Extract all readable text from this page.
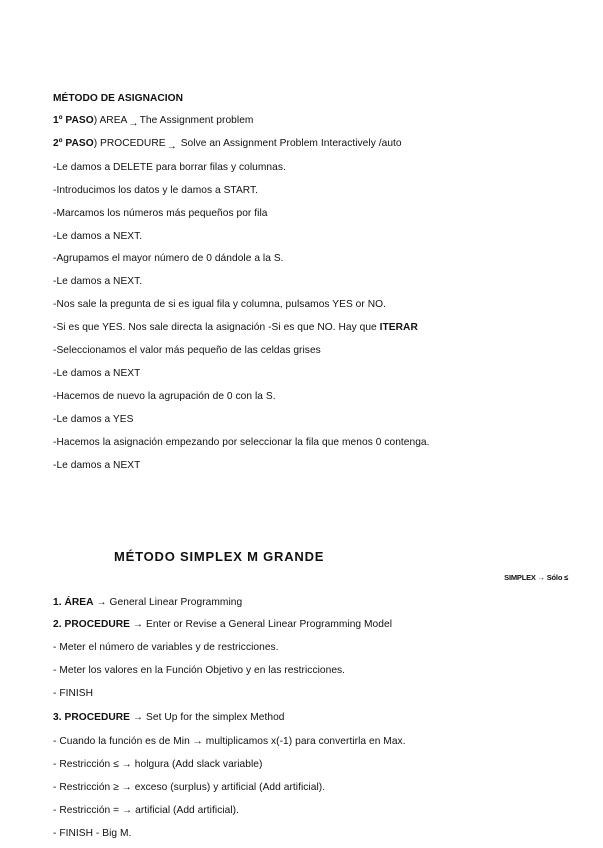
MÉTODO DE ASIGNACION
1º PASO) AREA→The Assignment problem
2º PASO) PROCEDURE→ Solve an Assignment Problem Interactively /auto
-Le damos a DELETE para borrar filas y columnas.
-Introducimos los datos y le damos a START.
-Marcamos los números más pequeños por fila
-Le damos a NEXT.
-Agrupamos el mayor número de 0 dándole a la S.
-Le damos a NEXT.
-Nos sale la pregunta de si es igual fila y columna, pulsamos YES or NO.
-Si es que YES. Nos sale directa la asignación -Si es que NO. Hay que ITERAR
-Seleccionamos el valor más pequeño de las celdas grises
-Le damos a NEXT
-Hacemos de nuevo la agrupación de 0 con la S.
-Le damos a YES
-Hacemos la asignación empezando por seleccionar la fila que menos 0 contenga.
-Le damos a NEXT
MÉTODO SIMPLEX M GRANDE
SIMPLEX → Sólo ≤
1. ÁREA → General Linear Programming
2. PROCEDURE → Enter or Revise a General Linear Programming Model
- Meter el número de variables y de restricciones.
- Meter los valores en la Función Objetivo y en las restricciones.
- FINISH
3. PROCEDURE → Set Up for the simplex Method
- Cuando la función es de Min → multiplicamos x(-1) para convertirla en Max.
- Restricción ≤ → holgura (Add slack variable)
- Restricción ≥ → exceso (surplus) y artificial (Add artificial).
- Restricción = → artificial (Add artificial).
- FINISH - Big M.
